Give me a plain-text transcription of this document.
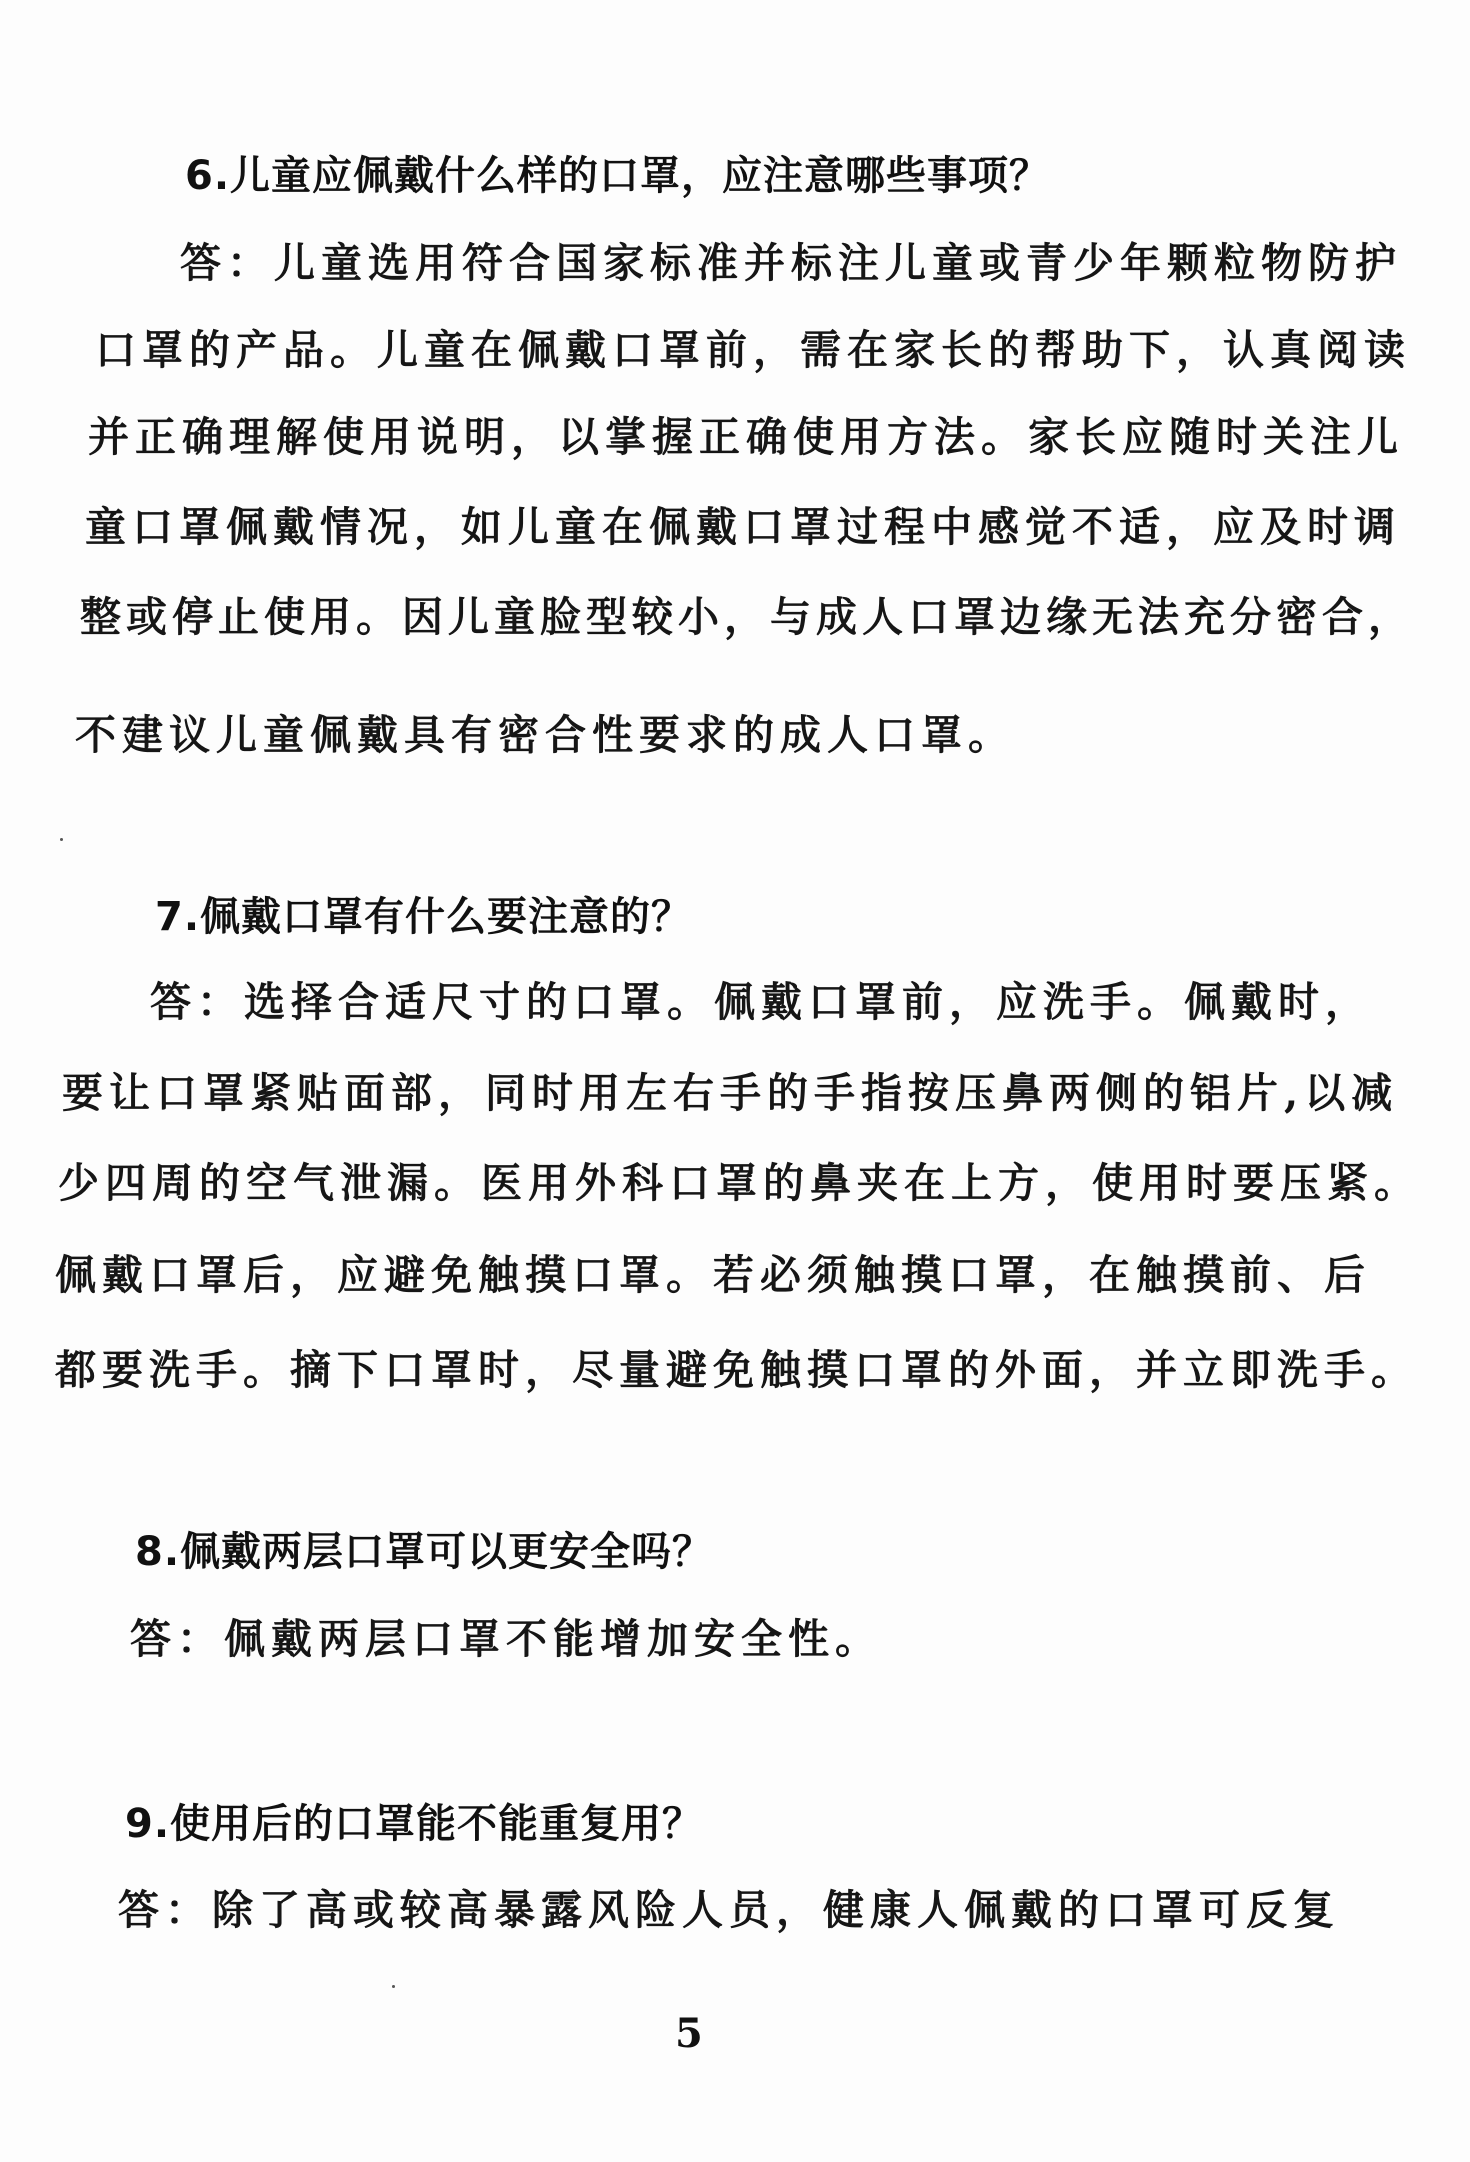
6.儿童应佩戴什么样的口罩，应注意哪些事项？
答：儿童选用符合国家标准并标注儿童或青少年颗粒物防护
口罩的产品。儿童在佩戴口罩前，需在家长的帮助下，认真阅读
并正确理解使用说明，以掌握正确使用方法。家长应随时关注儿
童口罩佩戴情况，如儿童在佩戴口罩过程中感觉不适，应及时调
整或停止使用。因儿童脸型较小，与成人口罩边缘无法充分密合，
不建议儿童佩戴具有密合性要求的成人口罩。
7.佩戴口罩有什么要注意的？
答：选择合适尺寸的口罩。佩戴口罩前，应洗手。佩戴时，
要让口罩紧贴面部，同时用左右手的手指按压鼻两侧的铝片,以减
少四周的空气泄漏。医用外科口罩的鼻夹在上方，使用时要压紧。
佩戴口罩后，应避免触摸口罩。若必须触摸口罩，在触摸前、后
都要洗手。摘下口罩时，尽量避免触摸口罩的外面，并立即洗手。
8.佩戴两层口罩可以更安全吗？
答：佩戴两层口罩不能增加安全性。
9.使用后的口罩能不能重复用？
答：除了高或较高暴露风险人员，健康人佩戴的口罩可反复
5
